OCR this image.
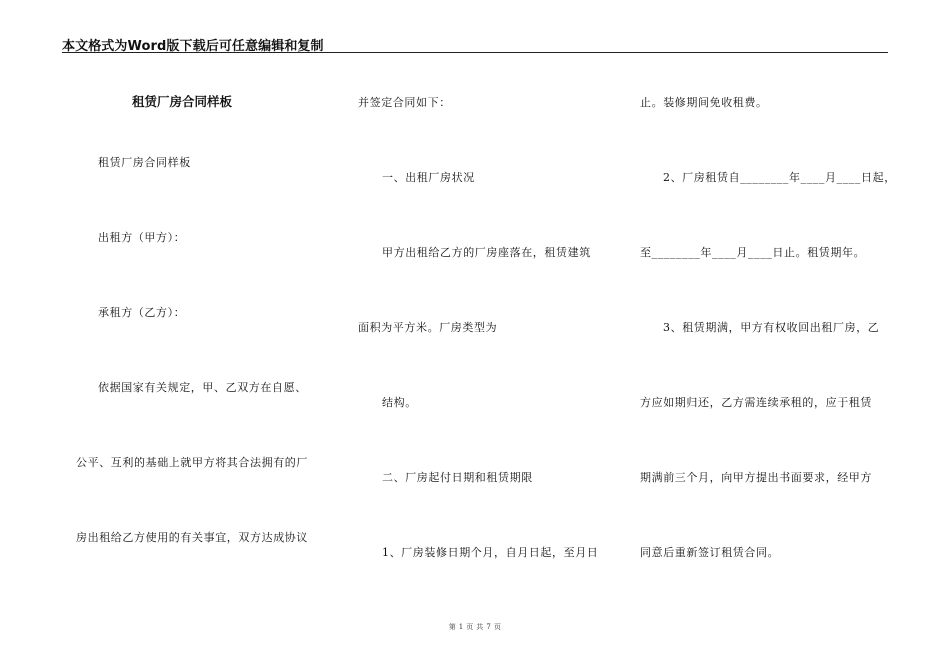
本文格式为Word版下载后可任意编辑和复制
租赁厂房合同样板
租赁厂房合同样板
出租方（甲方）：
承租方（乙方）：
依据国家有关规定，甲、乙双方在自愿、
公平、互利的基础上就甲方将其合法拥有的厂
房出租给乙方使用的有关事宜，双方达成协议
并签定合同如下：
一、出租厂房状况
甲方出租给乙方的厂房座落在，租赁建筑
面积为平方米。厂房类型为
结构。
二、厂房起付日期和租赁期限
1、厂房装修日期个月，自月日起，至月日
止。装修期间免收租费。
2、厂房租赁自________年____月____日起，
至________年____月____日止。租赁期年。
3、租赁期满，甲方有权收回出租厂房，乙
方应如期归还，乙方需连续承租的，应于租赁
期满前三个月，向甲方提出书面要求，经甲方
同意后重新签订租赁合同。
第 1 页 共 7 页
